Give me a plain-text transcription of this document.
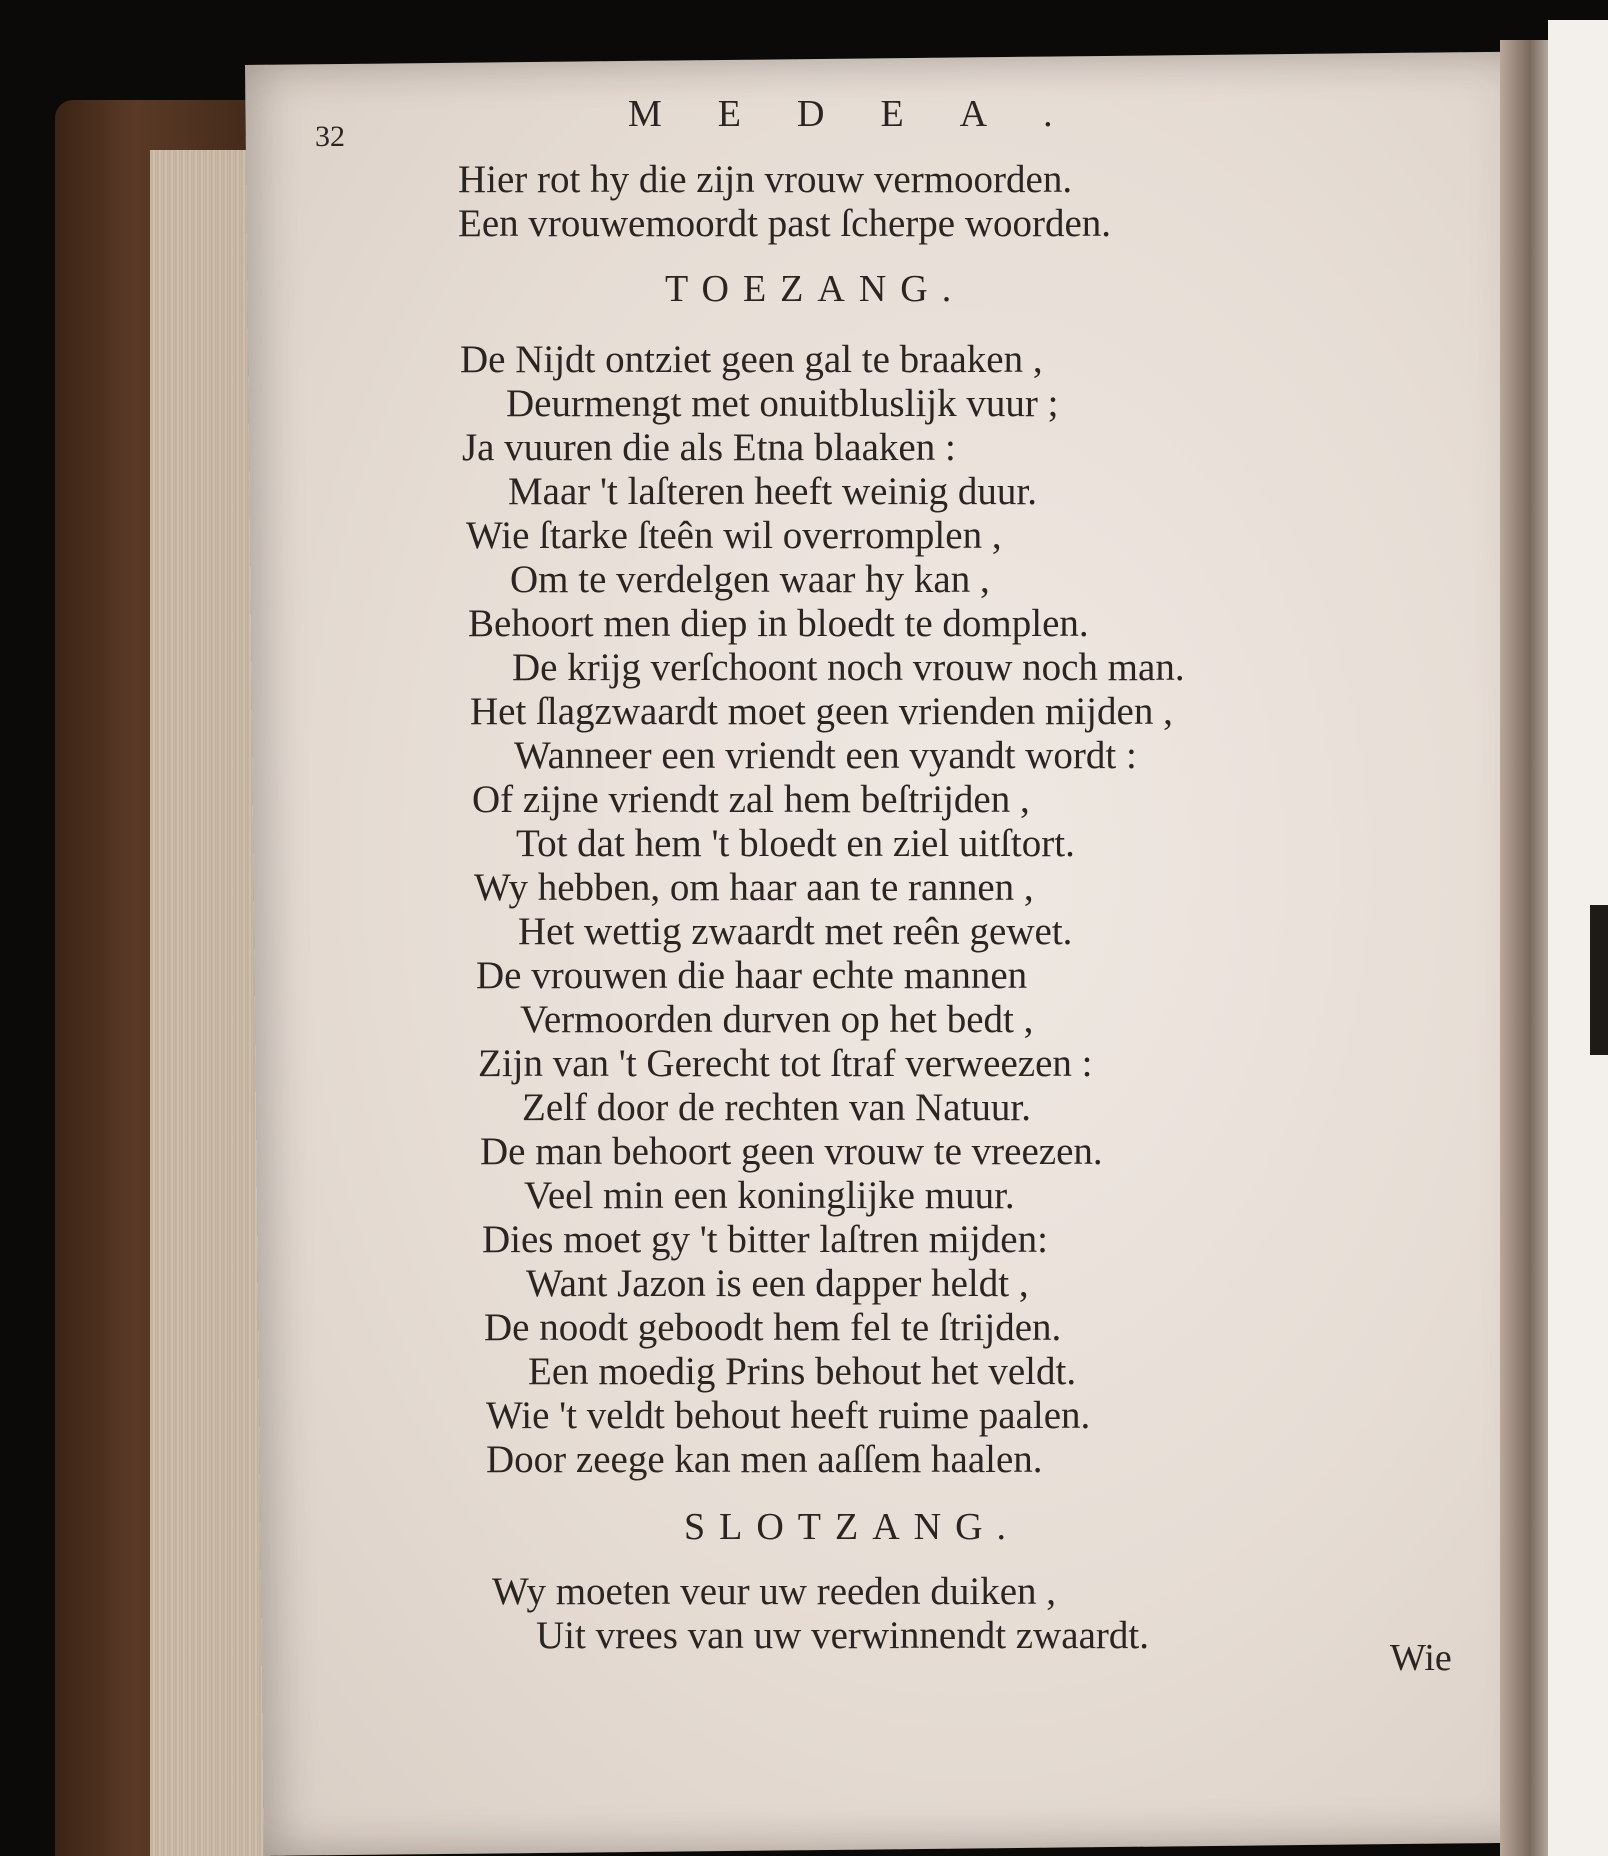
32
MEDEA.
Hier rot hy die zijn vrouw vermoorden.
Een vrouwemoordt past ſcherpe woorden.
TOEZANG.
De Nijdt ontziet geen gal te braaken ,
Deurmengt met onuitbluslijk vuur ;
Ja vuuren die als Etna blaaken :
Maar 't laſteren heeft weinig duur.
Wie ſtarke ſteên wil overromplen ,
Om te verdelgen waar hy kan ,
Behoort men diep in bloedt te domplen.
De krijg verſchoont noch vrouw noch man.
Het ſlagzwaardt moet geen vrienden mijden ,
Wanneer een vriendt een vyandt wordt :
Of zijne vriendt zal hem beſtrijden ,
Tot dat hem 't bloedt en ziel uitſtort.
Wy hebben, om haar aan te rannen ,
Het wettig zwaardt met reên gewet.
De vrouwen die haar echte mannen
Vermoorden durven op het bedt ,
Zijn van 't Gerecht tot ſtraf verweezen :
Zelf door de rechten van Natuur.
De man behoort geen vrouw te vreezen.
Veel min een koninglijke muur.
Dies moet gy 't bitter laſtren mijden:
Want Jazon is een dapper heldt ,
De noodt geboodt hem fel te ſtrijden.
Een moedig Prins behout het veldt.
Wie 't veldt behout heeft ruime paalen.
Door zeege kan men aaſſem haalen.
SLOTZANG.
Wy moeten veur uw reeden duiken ,
Uit vrees van uw verwinnendt zwaardt.
Wie
